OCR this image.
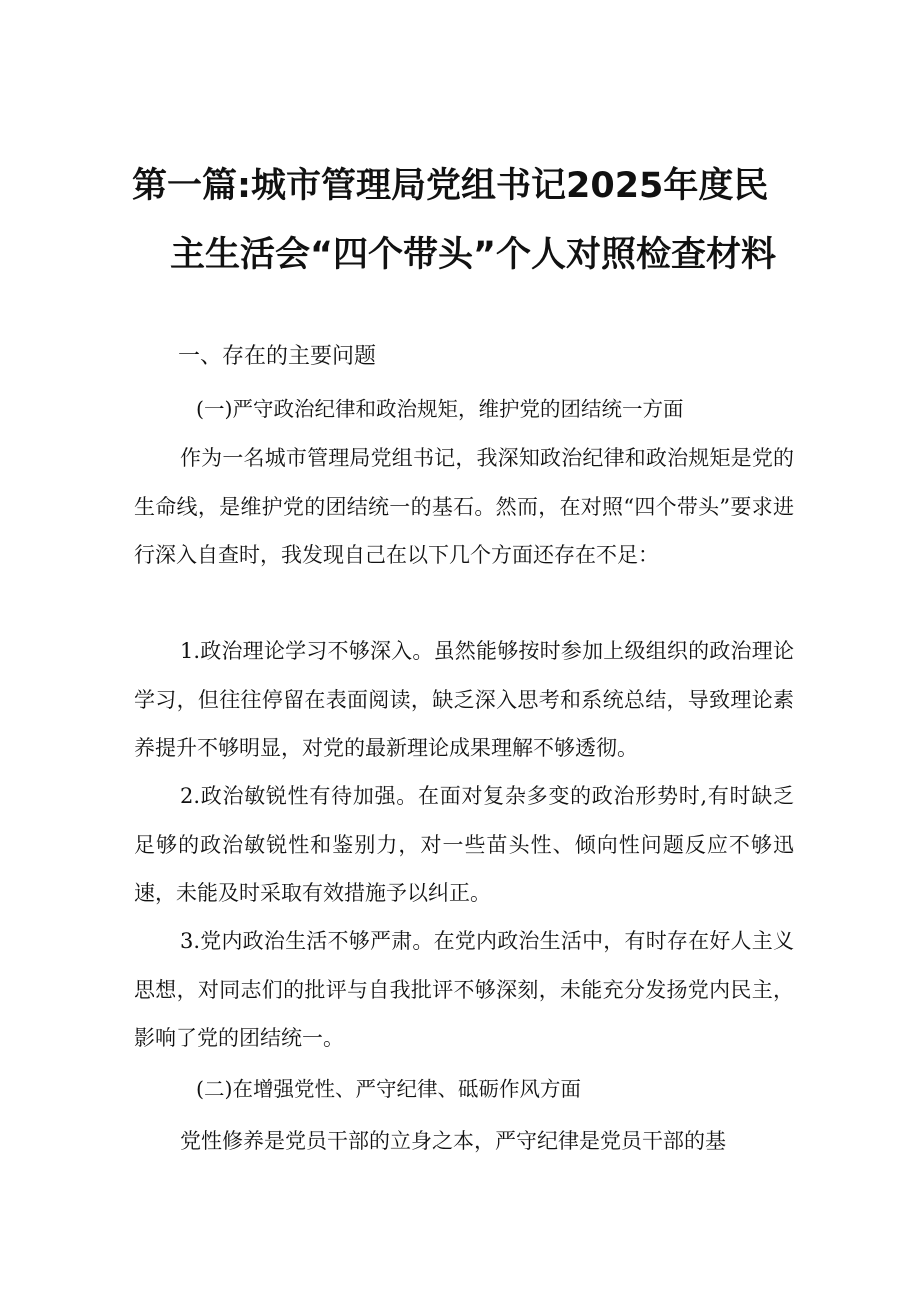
第一篇:城市管理局党组书记2025年度民
主生活会“四个带头”个人对照检查材料
一、存在的主要问题
(一)严守政治纪律和政治规矩，维护党的团结统一方面

作为一名城市管理局党组书记，我深知政治纪律和政治规矩是党的生命线，是维护党的团结统一的基石。然而，在对照“四个带头”要求进行深入自查时，我发现自己在以下几个方面还存在不足：

1.政治理论学习不够深入。虽然能够按时参加上级组织的政治理论学习，但往往停留在表面阅读，缺乏深入思考和系统总结，导致理论素养提升不够明显，对党的最新理论成果理解不够透彻。

2.政治敏锐性有待加强。在面对复杂多变的政治形势时,有时缺乏足够的政治敏锐性和鉴别力，对一些苗头性、倾向性问题反应不够迅速，未能及时采取有效措施予以纠正。

3.党内政治生活不够严肃。在党内政治生活中，有时存在好人主义思想，对同志们的批评与自我批评不够深刻，未能充分发扬党内民主，影响了党的团结统一。

(二)在增强党性、严守纪律、砥砺作风方面

党性修养是党员干部的立身之本，严守纪律是党员干部的基
